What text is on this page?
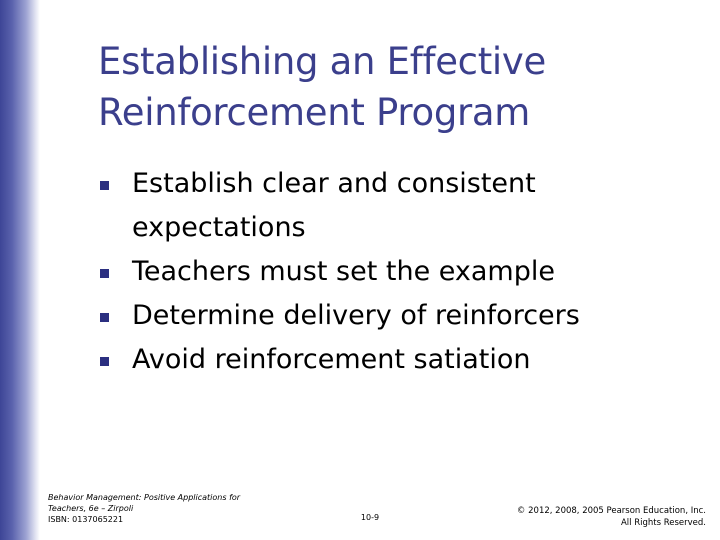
Establishing an Effective
Reinforcement Program
Establish clear and consistent
expectations
Teachers must set the example
Determine delivery of reinforcers
Avoid reinforcement satiation
Behavior Management: Positive Applications for
Teachers, 6e – Zirpoli
ISBN: 0137065221	10-9
© 2012, 2008, 2005 Pearson Education, Inc.
All Rights Reserved.
